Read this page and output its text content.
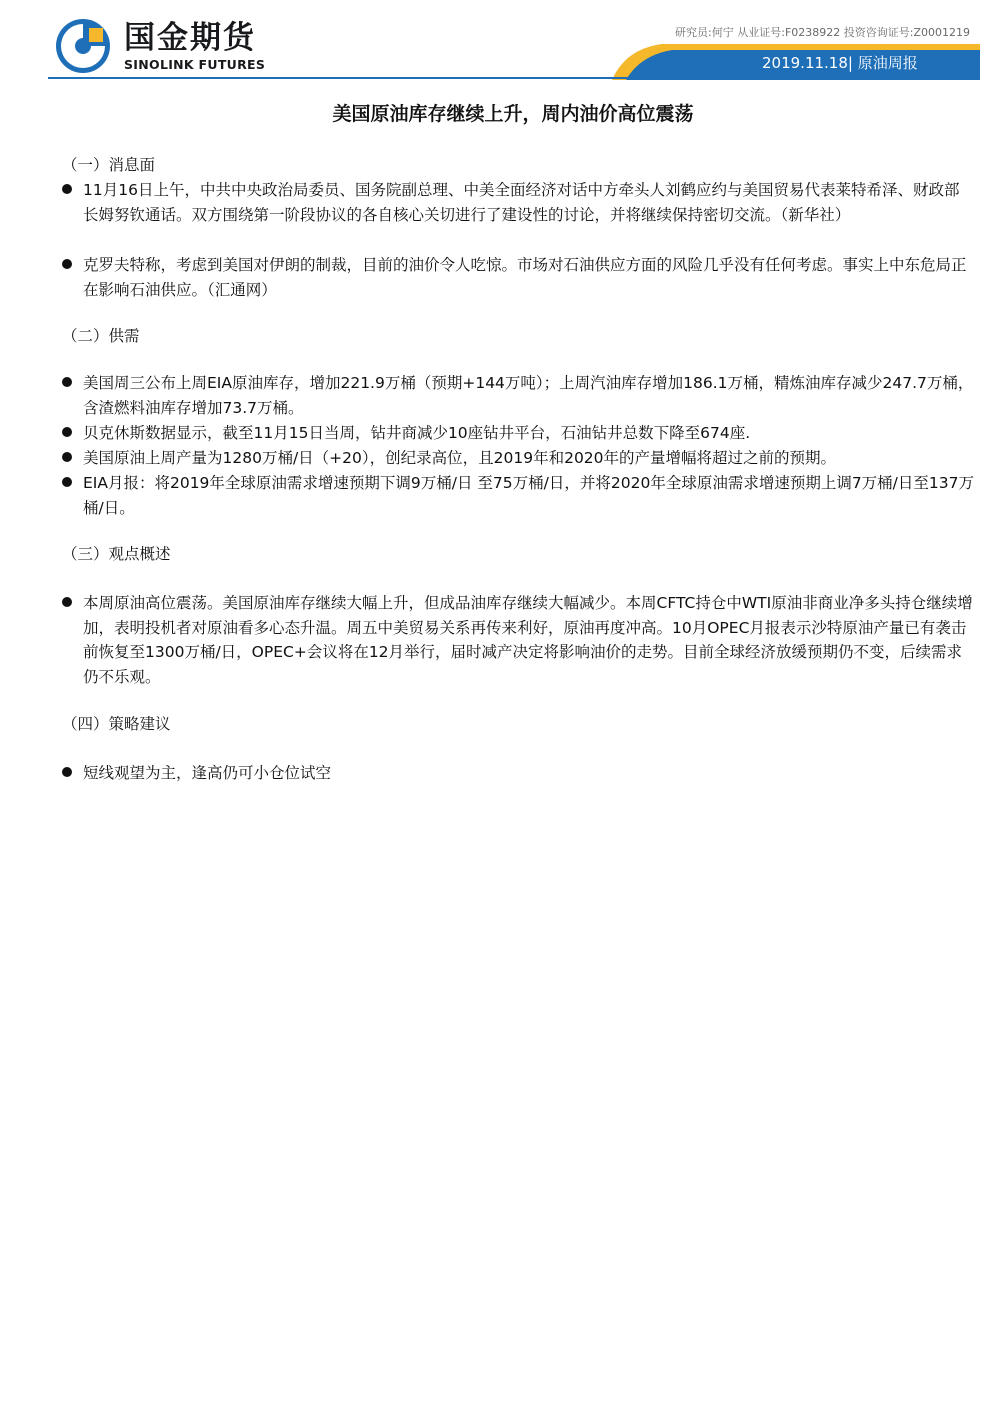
国金期货
SINOLINK FUTURES
研究员:何宁 从业证号:F0238922 投资咨询证号:Z0001219
2019.11.18| 原油周报
美国原油库存继续上升，周内油价高位震荡
（一）消息面
11月16日上午，中共中央政治局委员、国务院副总理、中美全面经济对话中方牵头人刘鹤应约与美国贸易代表莱特希泽、财政部长姆努钦通话。双方围绕第一阶段协议的各自核心关切进行了建设性的讨论，并将继续保持密切交流。（新华社）
克罗夫特称，考虑到美国对伊朗的制裁，目前的油价令人吃惊。市场对石油供应方面的风险几乎没有任何考虑。事实上中东危局正在影响石油供应。（汇通网）
（二）供需
美国周三公布上周EIA原油库存，增加221.9万桶（预期+144万吨）；上周汽油库存增加186.1万桶，精炼油库存减少247.7万桶，含渣燃料油库存增加73.7万桶。
贝克休斯数据显示，截至11月15日当周，钻井商减少10座钻井平台，石油钻井总数下降至674座.
美国原油上周产量为1280万桶/日（+20），创纪录高位，且2019年和2020年的产量增幅将超过之前的预期。
EIA月报：将2019年全球原油需求增速预期下调9万桶/日 至75万桶/日，并将2020年全球原油需求增速预期上调7万桶/日至137万桶/日。
（三）观点概述
本周原油高位震荡。美国原油库存继续大幅上升，但成品油库存继续大幅减少。本周CFTC持仓中WTI原油非商业净多头持仓继续增加，表明投机者对原油看多心态升温。周五中美贸易关系再传来利好，原油再度冲高。10月OPEC月报表示沙特原油产量已有袭击前恢复至1300万桶/日，OPEC+会议将在12月举行，届时减产决定将影响油价的走势。目前全球经济放缓预期仍不变，后续需求仍不乐观。
（四）策略建议
短线观望为主，逢高仍可小仓位试空
